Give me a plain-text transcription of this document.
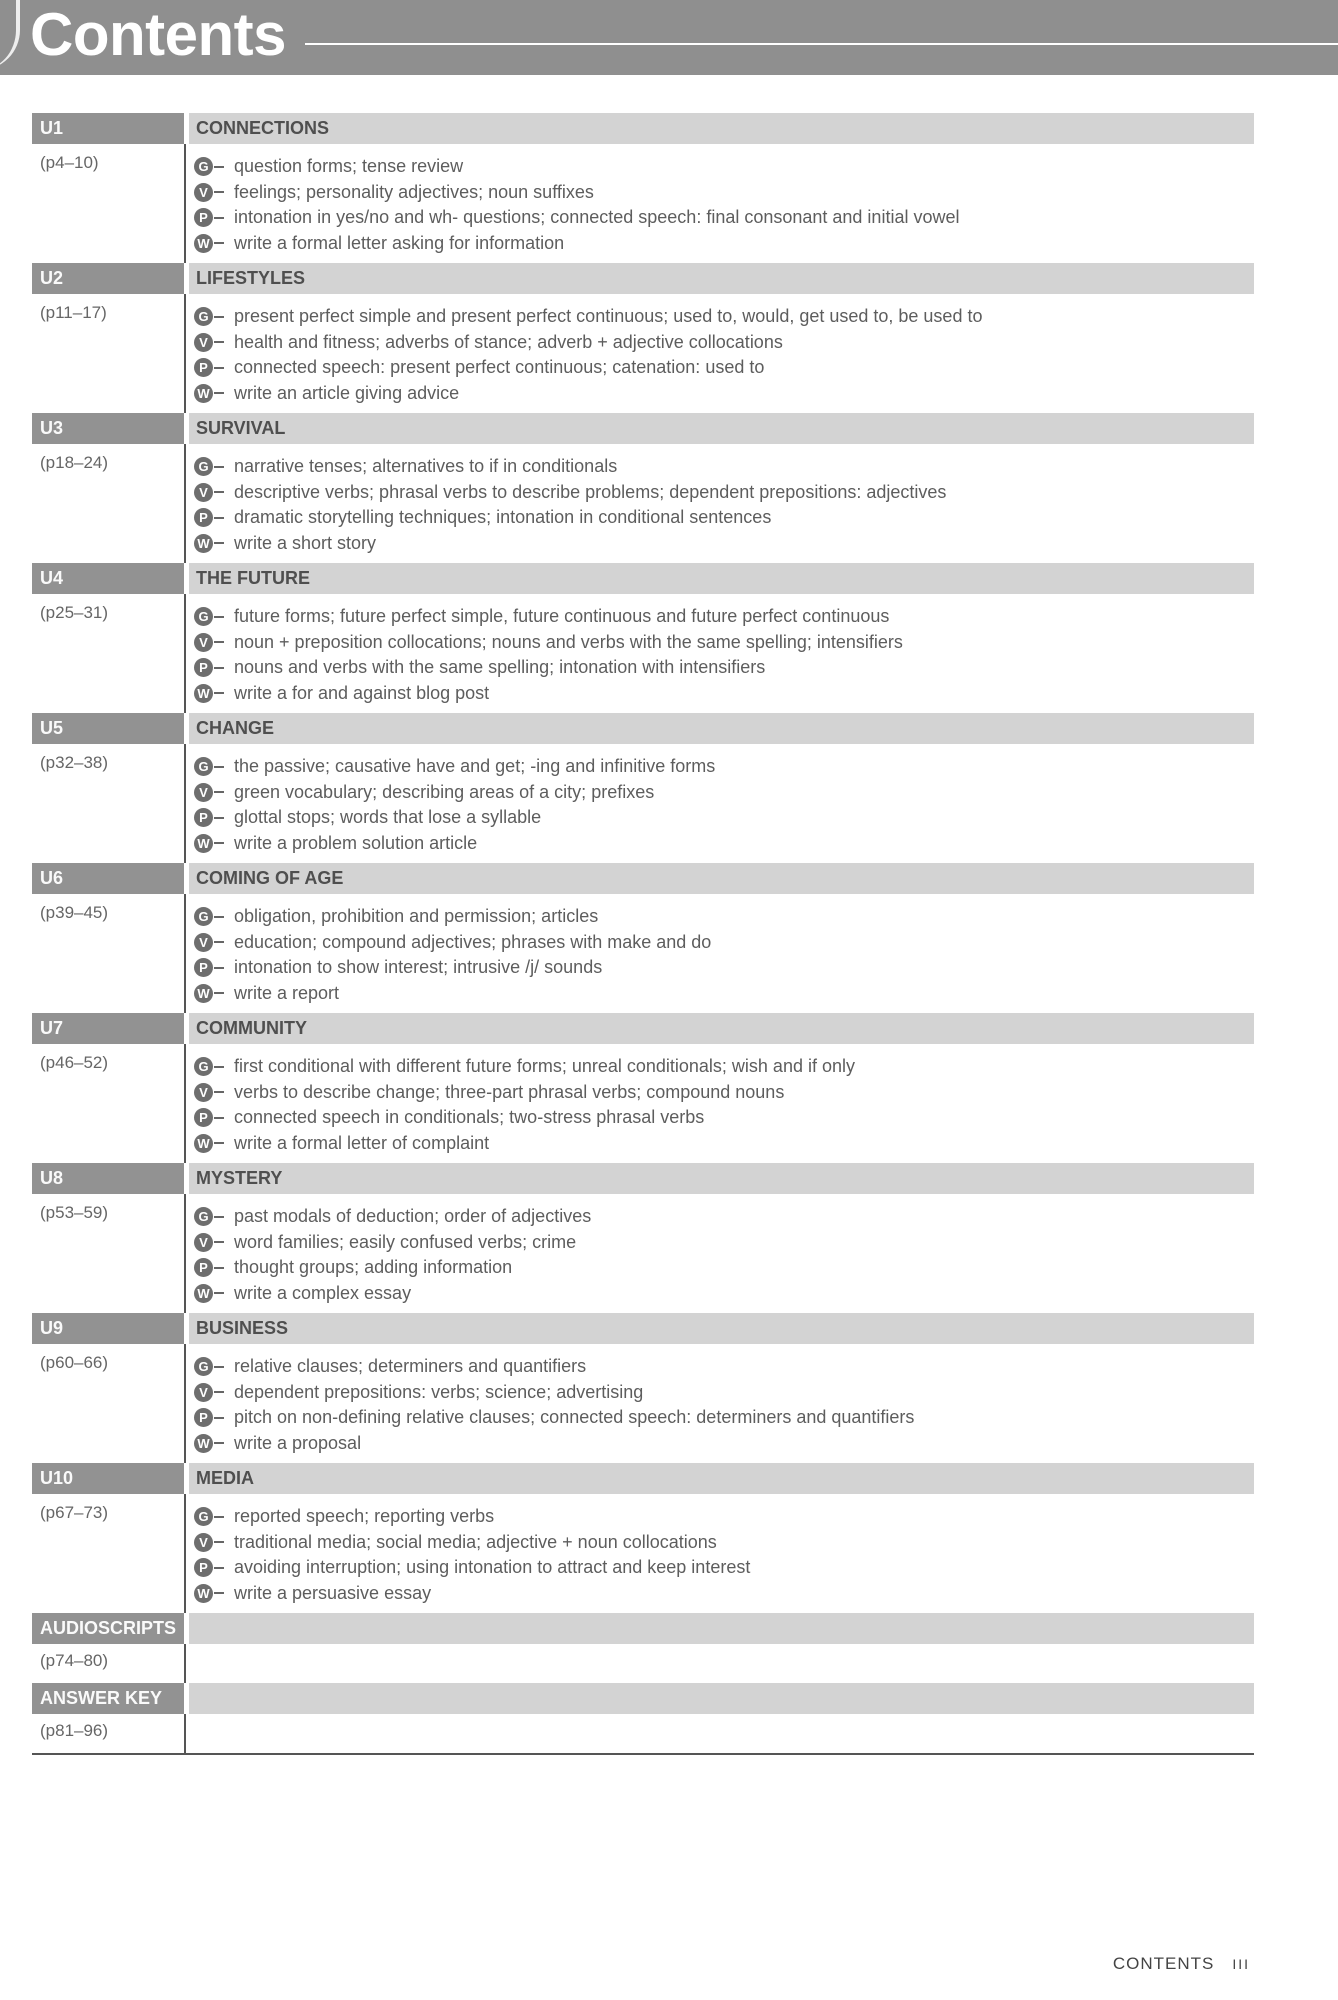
Contents
U1	CONNECTIONS
(p4–10)	G question forms; tense review
V feelings; personality adjectives; noun suffixes
P intonation in yes/no and wh- questions; connected speech: final consonant and initial vowel
W write a formal letter asking for information
U2	LIFESTYLES
(p11–17)	G present perfect simple and present perfect continuous; used to, would, get used to, be used to
V health and fitness; adverbs of stance; adverb + adjective collocations
P connected speech: present perfect continuous; catenation: used to
W write an article giving advice
U3	SURVIVAL
(p18–24)	G narrative tenses; alternatives to if in conditionals
V descriptive verbs; phrasal verbs to describe problems; dependent prepositions: adjectives
P dramatic storytelling techniques; intonation in conditional sentences
W write a short story
U4	THE FUTURE
(p25–31)	G future forms; future perfect simple, future continuous and future perfect continuous
V noun + preposition collocations; nouns and verbs with the same spelling; intensifiers
P nouns and verbs with the same spelling; intonation with intensifiers
W write a for and against blog post
U5	CHANGE
(p32–38)	G the passive; causative have and get; -ing and infinitive forms
V green vocabulary; describing areas of a city; prefixes
P glottal stops; words that lose a syllable
W write a problem solution article
U6	COMING OF AGE
(p39–45)	G obligation, prohibition and permission; articles
V education; compound adjectives; phrases with make and do
P intonation to show interest; intrusive /j/ sounds
W write a report
U7	COMMUNITY
(p46–52)	G first conditional with different future forms; unreal conditionals; wish and if only
V verbs to describe change; three-part phrasal verbs; compound nouns
P connected speech in conditionals; two-stress phrasal verbs
W write a formal letter of complaint
U8	MYSTERY
(p53–59)	G past modals of deduction; order of adjectives
V word families; easily confused verbs; crime
P thought groups; adding information
W write a complex essay
U9	BUSINESS
(p60–66)	G relative clauses; determiners and quantifiers
V dependent prepositions: verbs; science; advertising
P pitch on non-defining relative clauses; connected speech: determiners and quantifiers
W write a proposal
U10	MEDIA
(p67–73)	G reported speech; reporting verbs
V traditional media; social media; adjective + noun collocations
P avoiding interruption; using intonation to attract and keep interest
W write a persuasive essay
AUDIOSCRIPTS
(p74–80)
ANSWER KEY
(p81–96)
CONTENTS III
